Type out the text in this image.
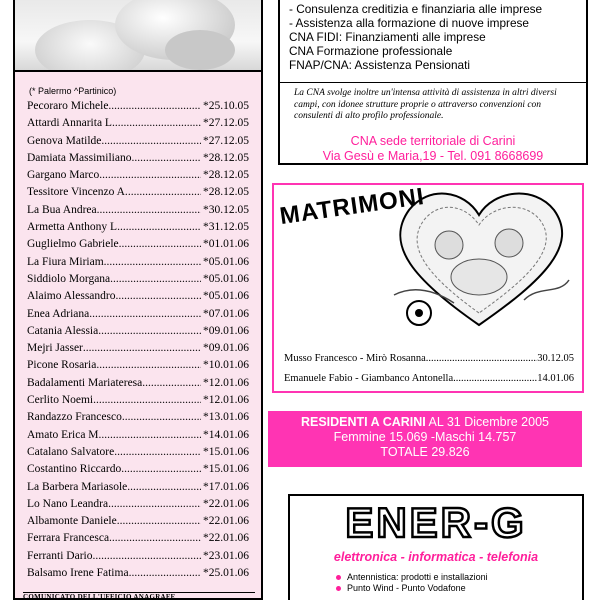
(* Palermo ^Partinico)
Pecoraro Michele .....	*25.10.05
Attardi Annarita L. .....	*27.12.05
Genova Matilde .....	*27.12.05
Damiata Massimiliano .....	*28.12.05
Gargano Marco .....	*28.12.05
Tessitore Vincenzo A. .....	*28.12.05
La Bua Andrea .....	*30.12.05
Armetta Anthony L. .....	*31.12.05
Guglielmo Gabriele .....	*01.01.06
La Fiura Miriam .....	*05.01.06
Siddiolo Morgana .....	*05.01.06
Alaimo Alessandro .....	*05.01.06
Enea Adriana .....	*07.01.06
Catania Alessia .....	*09.01.06
Mejri Jasser .....	*09.01.06
Picone Rosaria .....	*10.01.06
Badalamenti Mariateresa .....	*12.01.06
Cerlito Noemi .....	*12.01.06
Randazzo Francesco .....	*13.01.06
Amato Erica M. .....	*14.01.06
Catalano Salvatore .....	*15.01.06
Costantino Riccardo .....	*15.01.06
La Barbera Mariasole .....	*17.01.06
Lo Nano Leandra .....	*22.01.06
Albamonte Daniele .....	*22.01.06
Ferrara Francesca .....	*22.01.06
Ferranti Dario .....	*23.01.06
Balsamo Irene Fatima .....	*25.01.06
COMUNICATO DELL'UFFICIO ANAGRAFE
- Consulenza creditizia e finanziaria alle imprese
- Assistenza alla formazione di nuove imprese
CNA FIDI: Finanziamenti alle imprese
CNA Formazione professionale
FNAP/CNA: Assistenza Pensionati
La CNA svolge inoltre un'intensa attività di assistenza in altri diversi campi, con idonee strutture proprie o attraverso convenzioni con consulenti di alto profilo professionale.
CNA sede territoriale di Carini
Via Gesù e Maria,19 - Tel. 091 8668699
MATRIMONI
Musso Francesco - Mirò Rosanna .....	30.12.05
Emanuele Fabio - Giambanco Antonella .....	14.01.06
RESIDENTI A CARINI AL 31 Dicembre 2005
Femmine 15.069 -Maschi 14.757
TOTALE 29.826
ENER-G
elettronica - informatica - telefonia
Antennistica: prodotti e installazioni
Punto Wind - Punto Vodafone
